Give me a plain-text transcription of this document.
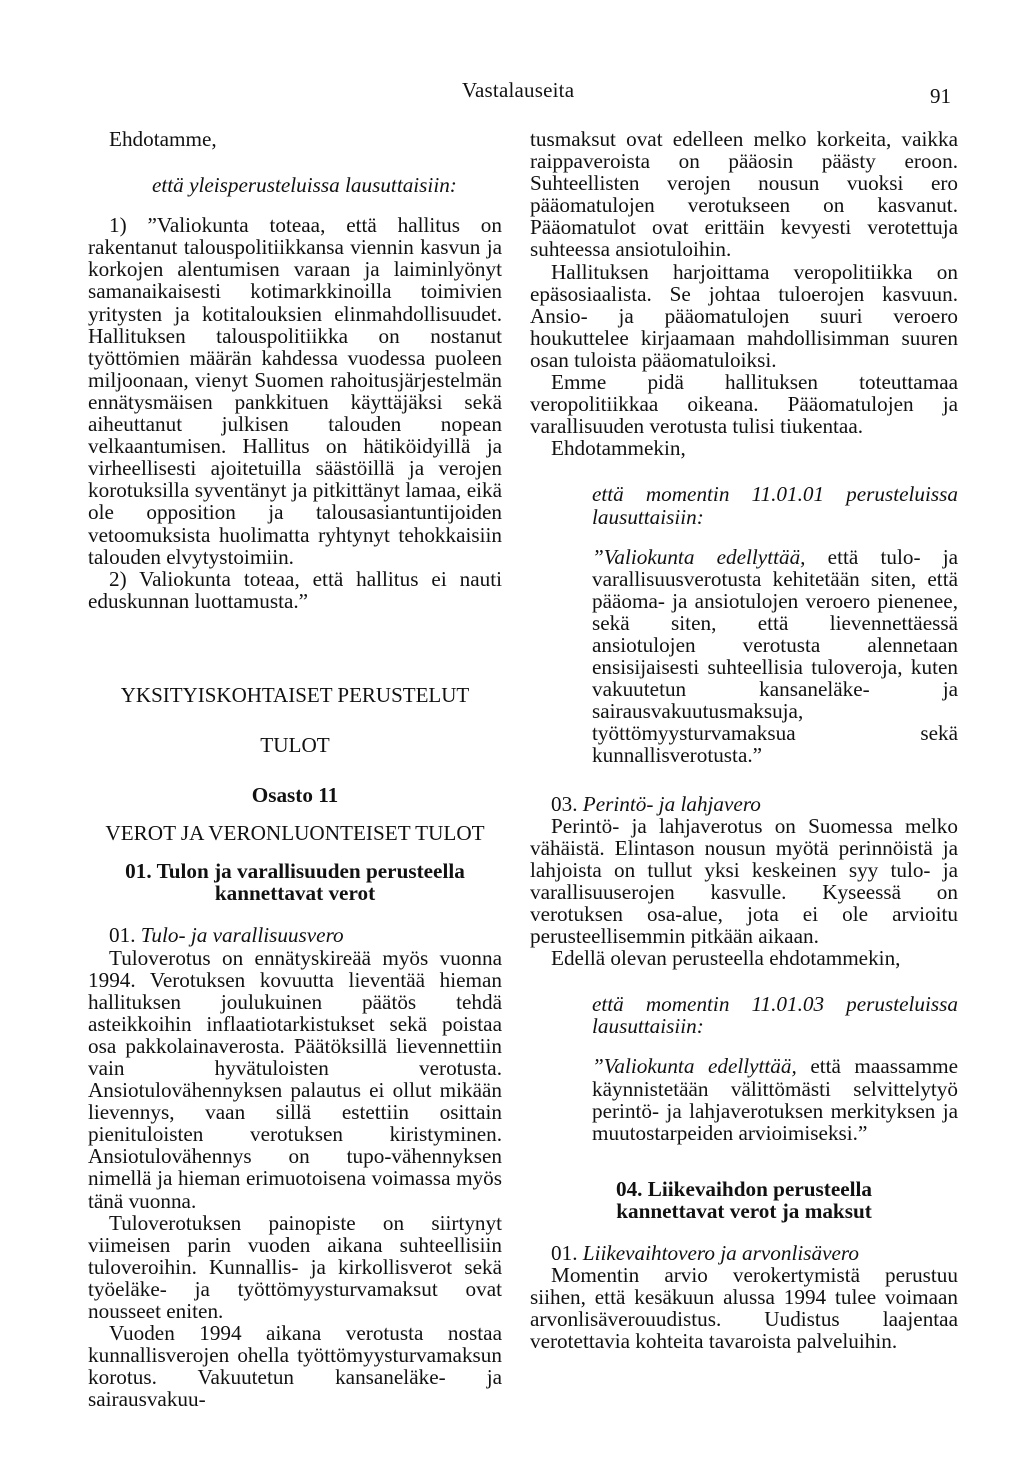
Vastalauseita	91

Ehdotamme,

että yleisperusteluissa lausuttaisiin:

1) ”Valiokunta toteaa, että hallitus on rakentanut talouspolitiikkansa viennin kasvun ja korkojen alentumisen varaan ja laiminlyönyt samanaikaisesti kotimarkkinoilla toimivien yritysten ja kotitalouksien elinmahdollisuudet. Hallituksen talouspolitiikka on nostanut työttömien määrän kahdessa vuodessa puoleen miljoonaan, vienyt Suomen rahoitusjärjestelmän ennätysmäisen pankkituen käyttäjäksi sekä aiheuttanut julkisen talouden nopean velkaantumisen. Hallitus on hätiköidyillä ja virheellisesti ajoitetuilla säästöillä ja verojen korotuksilla syventänyt ja pitkittänyt lamaa, eikä ole opposition ja talousasiantuntijoiden vetoomuksista huolimatta ryhtynyt tehokkaisiin talouden elvytystoimiin.

2) Valiokunta toteaa, että hallitus ei nauti eduskunnan luottamusta.”

YKSITYISKOHTAISET PERUSTELUT

TULOT

Osasto 11

VEROT JA VERONLUONTEISET TULOT

01. Tulon ja varallisuuden perusteella kannettavat verot

01. Tulo- ja varallisuusvero

Tuloverotus on ennätyskireää myös vuonna 1994. Verotuksen kovuutta lieventää hieman hallituksen joulukuinen päätös tehdä asteikkoihin inflaatiotarkistukset sekä poistaa osa pakkolainaverosta. Päätöksillä lievennettiin vain hyvätuloisten verotusta. Ansiotulovähennyksen palautus ei ollut mikään lievennys, vaan sillä estettiin osittain pienituloisten verotuksen kiristyminen. Ansiotulovähennys on tupo-vähennyksen nimellä ja hieman erimuotoisena voimassa myös tänä vuonna.

Tuloverotuksen painopiste on siirtynyt viimeisen parin vuoden aikana suhteellisiin tuloveroihin. Kunnallis- ja kirkollisverot sekä työeläke- ja työttömyysturvamaksut ovat nousseet eniten.

Vuoden 1994 aikana verotusta nostaa kunnallisverojen ohella työttömyysturvamaksun korotus. Vakuutetun kansaneläke- ja sairausvakuu-

tusmaksut ovat edelleen melko korkeita, vaikka raippaveroista on pääosin päästy eroon. Suhteellisten verojen nousun vuoksi ero pääomatulojen verotukseen on kasvanut. Pääomatulot ovat erittäin kevyesti verotettuja suhteessa ansiotuloihin.

Hallituksen harjoittama veropolitiikka on epäsosiaalista. Se johtaa tuloerojen kasvuun. Ansio- ja pääomatulojen suuri veroero houkuttelee kirjaamaan mahdollisimman suuren osan tuloista pääomatuloiksi.

Emme pidä hallituksen toteuttamaa veropolitiikkaa oikeana. Pääomatulojen ja varallisuuden verotusta tulisi tiukentaa.

Ehdotammekin,

että momentin 11.01.01 perusteluissa lausuttaisiin:

”Valiokunta edellyttää, että tulo- ja varallisuusverotusta kehitetään siten, että pääoma- ja ansiotulojen veroero pienenee, sekä siten, että lievennettäessä ansiotulojen verotusta alennetaan ensisijaisesti suhteellisia tuloveroja, kuten vakuutetun kansaneläke- ja sairausvakuutusmaksuja, työttömyysturvamaksua sekä kunnallisverotusta.”

03. Perintö- ja lahjavero

Perintö- ja lahjaverotus on Suomessa melko vähäistä. Elintason nousun myötä perinnöistä ja lahjoista on tullut yksi keskeinen syy tulo- ja varallisuuserojen kasvulle. Kyseessä on verotuksen osa-alue, jota ei ole arvioitu perusteellisemmin pitkään aikaan.

Edellä olevan perusteella ehdotammekin,

että momentin 11.01.03 perusteluissa lausuttaisiin:

”Valiokunta edellyttää, että maassamme käynnistetään välittömästi selvittelytyö perintö- ja lahjaverotuksen merkityksen ja muutostarpeiden arvioimiseksi.”

04. Liikevaihdon perusteella kannettavat verot ja maksut

01. Liikevaihtovero ja arvonlisävero

Momentin arvio verokertymistä perustuu siihen, että kesäkuun alussa 1994 tulee voimaan arvonlisäverouudistus. Uudistus laajentaa verotettavia kohteita tavaroista palveluihin.
